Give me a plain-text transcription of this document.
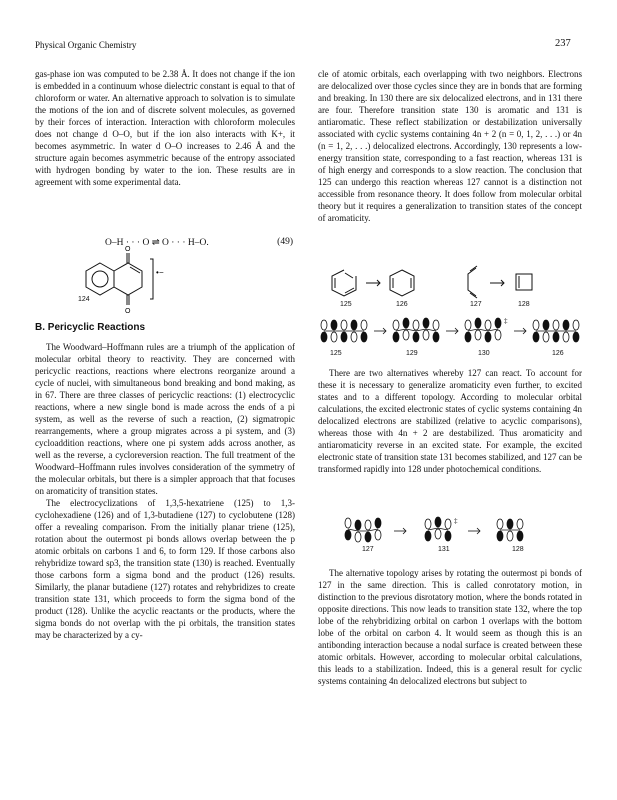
Physical Organic Chemistry	237

gas-phase ion was computed to be 2.38 Å. It does not change if the ion is embedded in a continuum whose dielectric constant is equal to that of chloroform or water. An alternative approach to solvation is to simulate the motions of the ion and of discrete solvent molecules, as governed by their forces of interaction. Interaction with chloroform molecules does not change d O–O, but if the ion also interacts with K+, it becomes asymmetric. In water d O–O increases to 2.46 Å and the structure again becomes asymmetric because of the entropy associated with hydrogen bonding by water to the ion. These results are in agreement with some experimental data.

O–H · · · O ⇌ O · · · H–O.	(49)
O
O
• −
124
B. Pericyclic Reactions

The Woodward–Hoffmann rules are a triumph of the application of molecular orbital theory to reactivity. They are concerned with pericyclic reactions, reactions where electrons reorganize around a cycle of nuclei, with simultaneous bond breaking and bond making, as in 67. There are three classes of pericyclic reactions: (1) electrocyclic reactions, where a new single bond is made across the ends of a pi system, as well as the reverse of such a reaction, (2) sigmatropic rearrangements, where a group migrates across a pi system, and (3) cycloaddition reactions, where one pi system adds across another, as well as the reverse, a cycloreversion reaction. The full treatment of the Woodward–Hoffmann rules involves consideration of the symmetry of the molecular orbitals, but there is a simpler approach that that focuses on aromaticity of transition states.

The electrocyclizations of 1,3,5-hexatriene (125) to 1,3-cyclohexadiene (126) and of 1,3-butadiene (127) to cyclobutene (128) offer a revealing comparison. From the initially planar triene (125), rotation about the outermost pi bonds allows overlap between the p atomic orbitals on carbons 1 and 6, to form 129. If those carbons also rehybridize toward sp3, the transition state (130) is reached. Eventually those carbons form a sigma bond and the product (126) results. Similarly, the planar butadiene (127) rotates and rehybridizes to create transition state 131, which proceeds to form the sigma bond of the product (128). Unlike the acyclic reactants or the products, where the sigma bonds do not overlap with the pi orbitals, the transition states may be characterized by a cy-

cle of atomic orbitals, each overlapping with two neighbors. Electrons are delocalized over those cycles since they are in bonds that are forming and breaking. In 130 there are six delocalized electrons, and in 131 there are four. Therefore transition state 130 is aromatic and 131 is antiaromatic. These reflect stabilization or destabilization universally associated with cyclic systems containing 4n + 2 (n = 0, 1, 2, . . .) or 4n (n = 1, 2, . . .) delocalized electrons. Accordingly, 130 represents a low-energy transition state, corresponding to a fast reaction, whereas 131 is of high energy and corresponds to a slow reaction. The conclusion that 125 can undergo this reaction whereas 127 cannot is a distinction not accessible from resonance theory. It does follow from molecular orbital theory but it requires a generalization to transition states of the concept of aromaticity.

125	126	127	128
‡
125	129	130	126

There are two alternatives whereby 127 can react. To account for these it is necessary to generalize aromaticity even further, to excited states and to a different topology. According to molecular orbital calculations, the excited electronic states of cyclic systems containing 4n delocalized electrons are stabilized (relative to acyclic comparisons), whereas those with 4n + 2 are destabilized. Thus aromaticity and antiaromaticity reverse in an excited state. For example, the excited electronic state of transition state 131 becomes stabilized, and 127 can be transformed rapidly into 128 under photochemical conditions.

‡
127	131	128

The alternative topology arises by rotating the outermost pi bonds of 127 in the same direction. This is called conrotatory motion, in distinction to the previous disrotatory motion, where the bonds rotated in opposite directions. This now leads to transition state 132, where the top lobe of the rehybridizing orbital on carbon 1 overlaps with the bottom lobe of the orbital on carbon 4. It would seem as though this is an antibonding interaction because a nodal surface is created between these atomic orbitals. However, according to molecular orbital calculations, this leads to a stabilization. Indeed, this is a general result for cyclic systems containing 4n delocalized electrons but subject to
